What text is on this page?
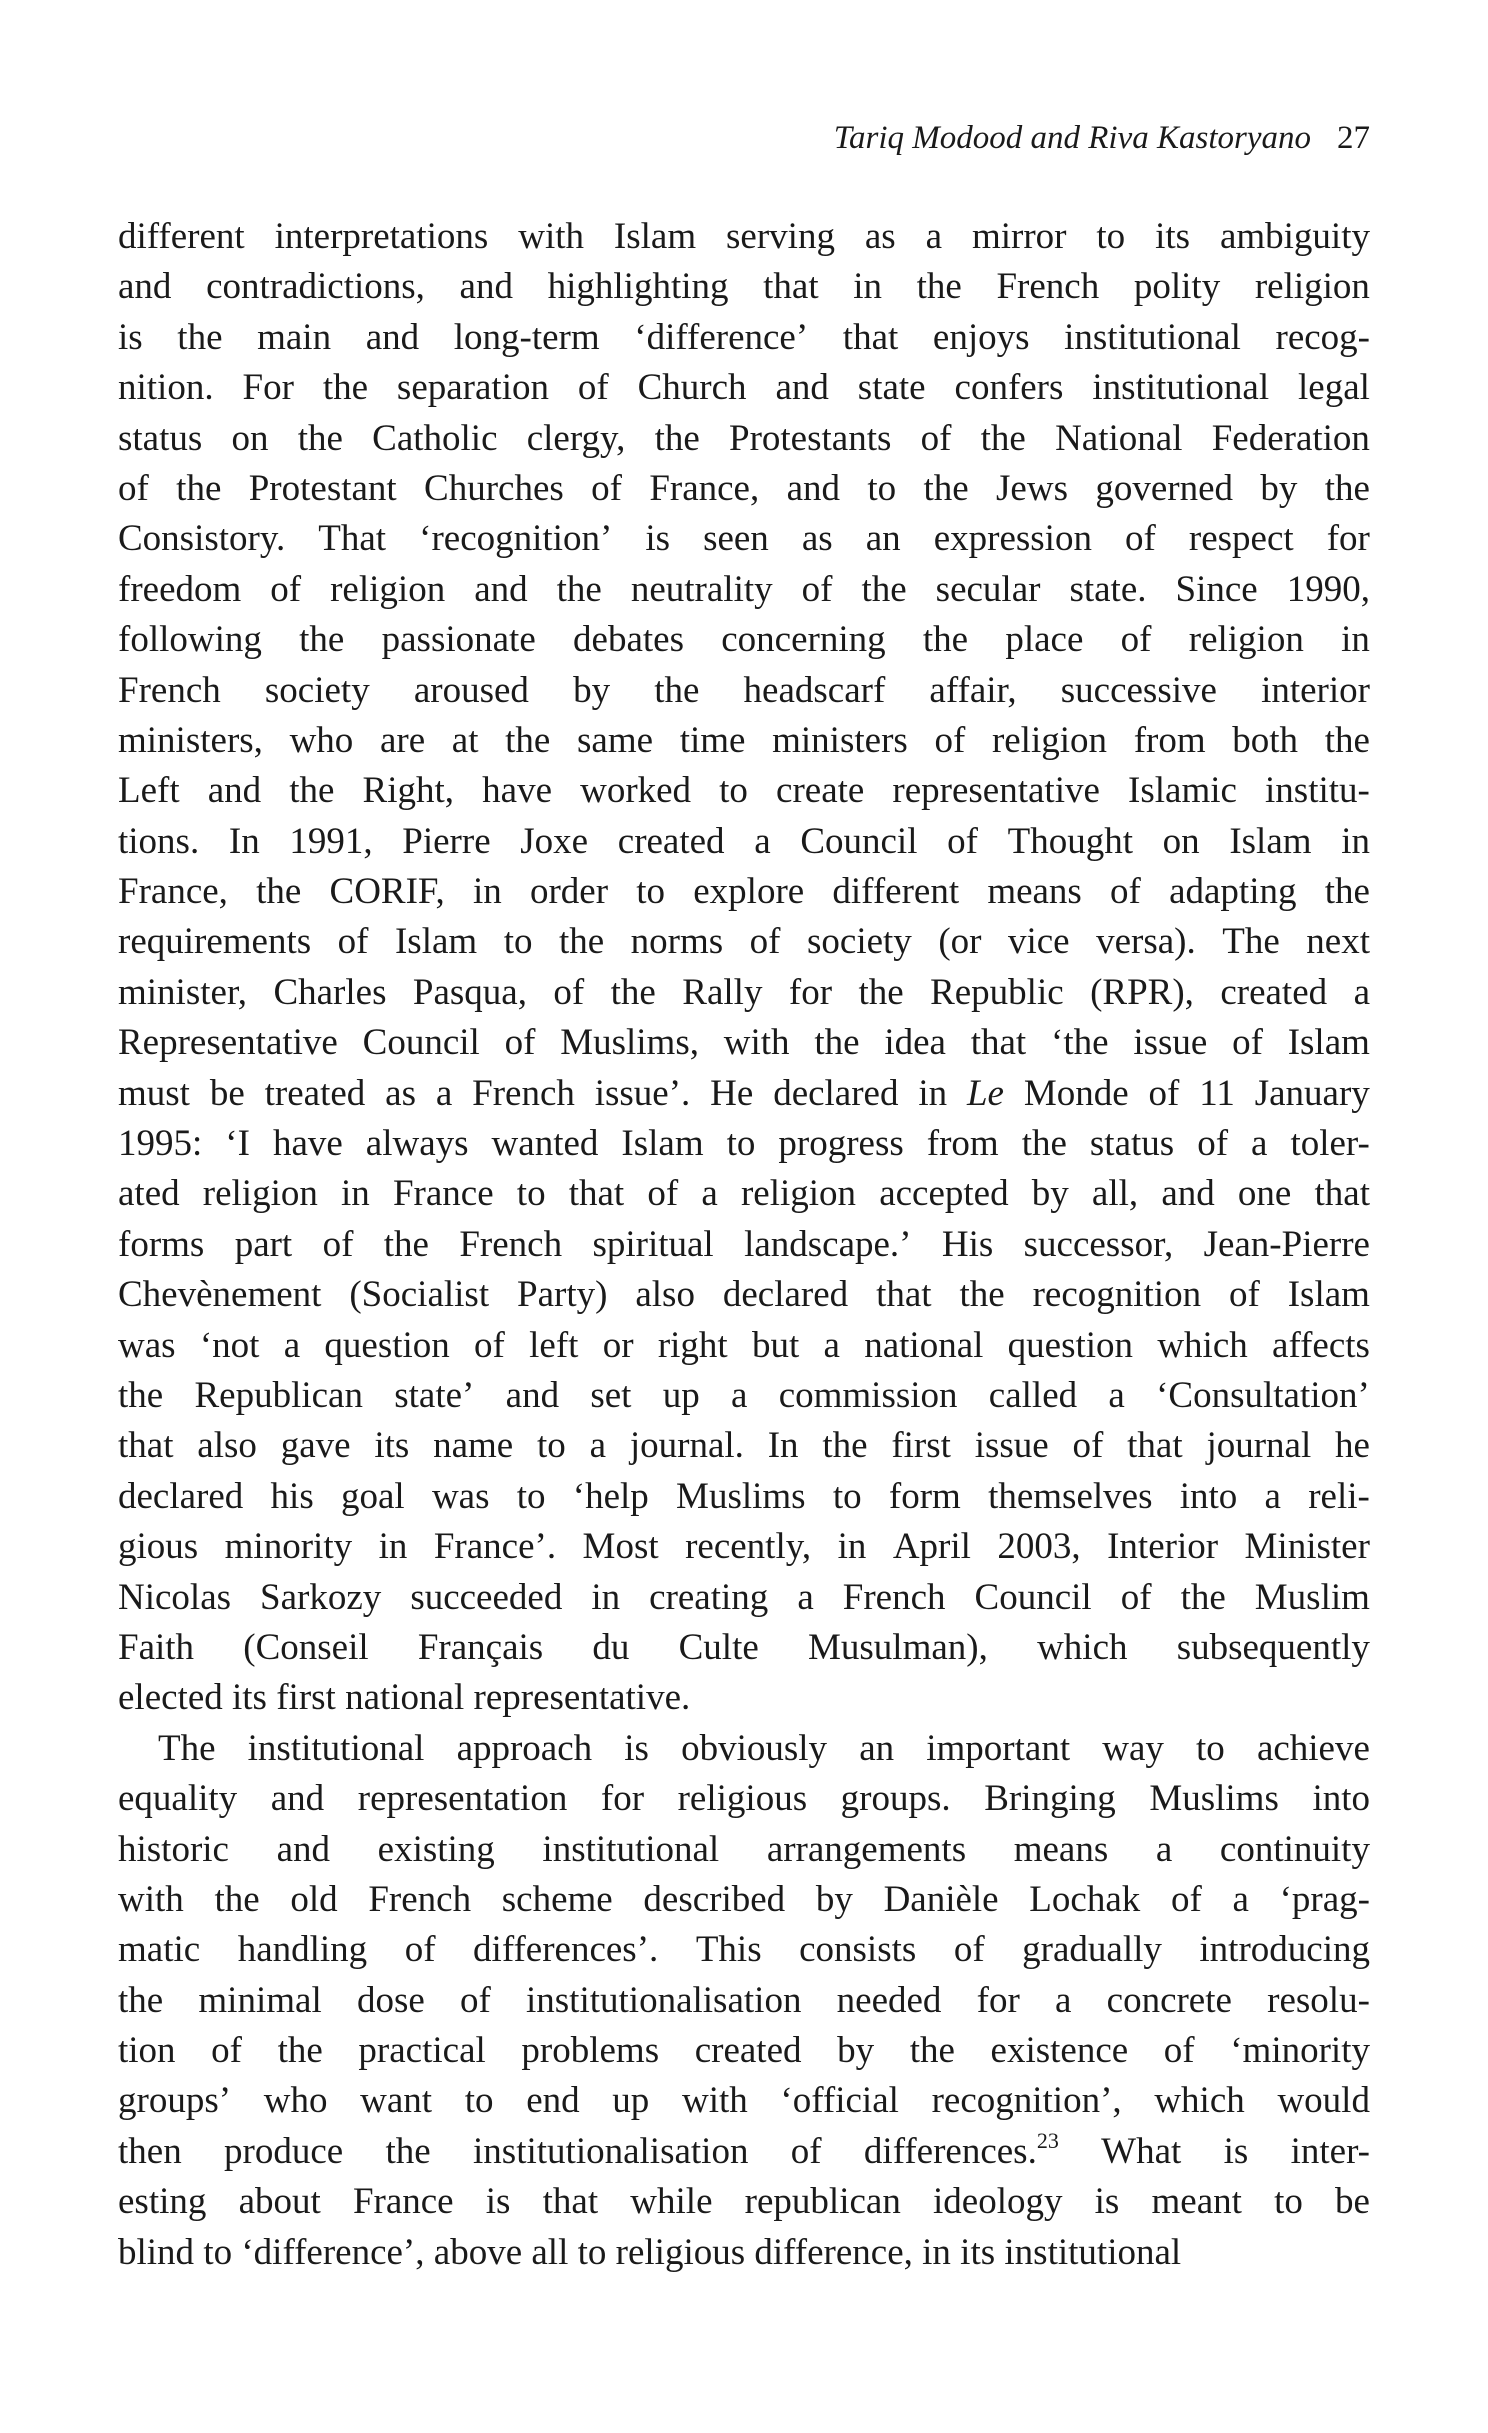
Tariq Modood and Riva Kastoryano 27
different interpretations with Islam serving as a mirror to its ambiguity
and contradictions, and highlighting that in the French polity religion
is the main and long-term ‘difference’ that enjoys institutional recog-
nition. For the separation of Church and state confers institutional legal
status on the Catholic clergy, the Protestants of the National Federation
of the Protestant Churches of France, and to the Jews governed by the
Consistory. That ‘recognition’ is seen as an expression of respect for
freedom of religion and the neutrality of the secular state. Since 1990,
following the passionate debates concerning the place of religion in
French society aroused by the headscarf affair, successive interior
ministers, who are at the same time ministers of religion from both the
Left and the Right, have worked to create representative Islamic institu-
tions. In 1991, Pierre Joxe created a Council of Thought on Islam in
France, the CORIF, in order to explore different means of adapting the
requirements of Islam to the norms of society (or vice versa). The next
minister, Charles Pasqua, of the Rally for the Republic (RPR), created a
Representative Council of Muslims, with the idea that ‘the issue of Islam
must be treated as a French issue’. He declared in Le Monde of 11 January
1995: ‘I have always wanted Islam to progress from the status of a toler-
ated religion in France to that of a religion accepted by all, and one that
forms part of the French spiritual landscape.’ His successor, Jean-Pierre
Chevènement (Socialist Party) also declared that the recognition of Islam
was ‘not a question of left or right but a national question which affects
the Republican state’ and set up a commission called a ‘Consultation’
that also gave its name to a journal. In the first issue of that journal he
declared his goal was to ‘help Muslims to form themselves into a reli-
gious minority in France’. Most recently, in April 2003, Interior Minister
Nicolas Sarkozy succeeded in creating a French Council of the Muslim
Faith (Conseil Français du Culte Musulman), which subsequently
elected
its
first
national
representative.
The institutional approach is obviously an important way to achieve
equality and representation for religious groups. Bringing Muslims into
historic and existing institutional arrangements means a continuity
with the old French scheme described by Danièle Lochak of a ‘prag-
matic handling of differences’. This consists of gradually introducing
the minimal dose of institutionalisation needed for a concrete resolu-
tion of the practical problems created by the existence of ‘minority
groups’ who want to end up with ‘official recognition’, which would
then produce the institutionalisation of differences.$^{23}$ What is inter-
esting about France is that while republican ideology is meant to be
blind
to
‘difference’,
above
all
to
religious
difference,
in
its
institutional
